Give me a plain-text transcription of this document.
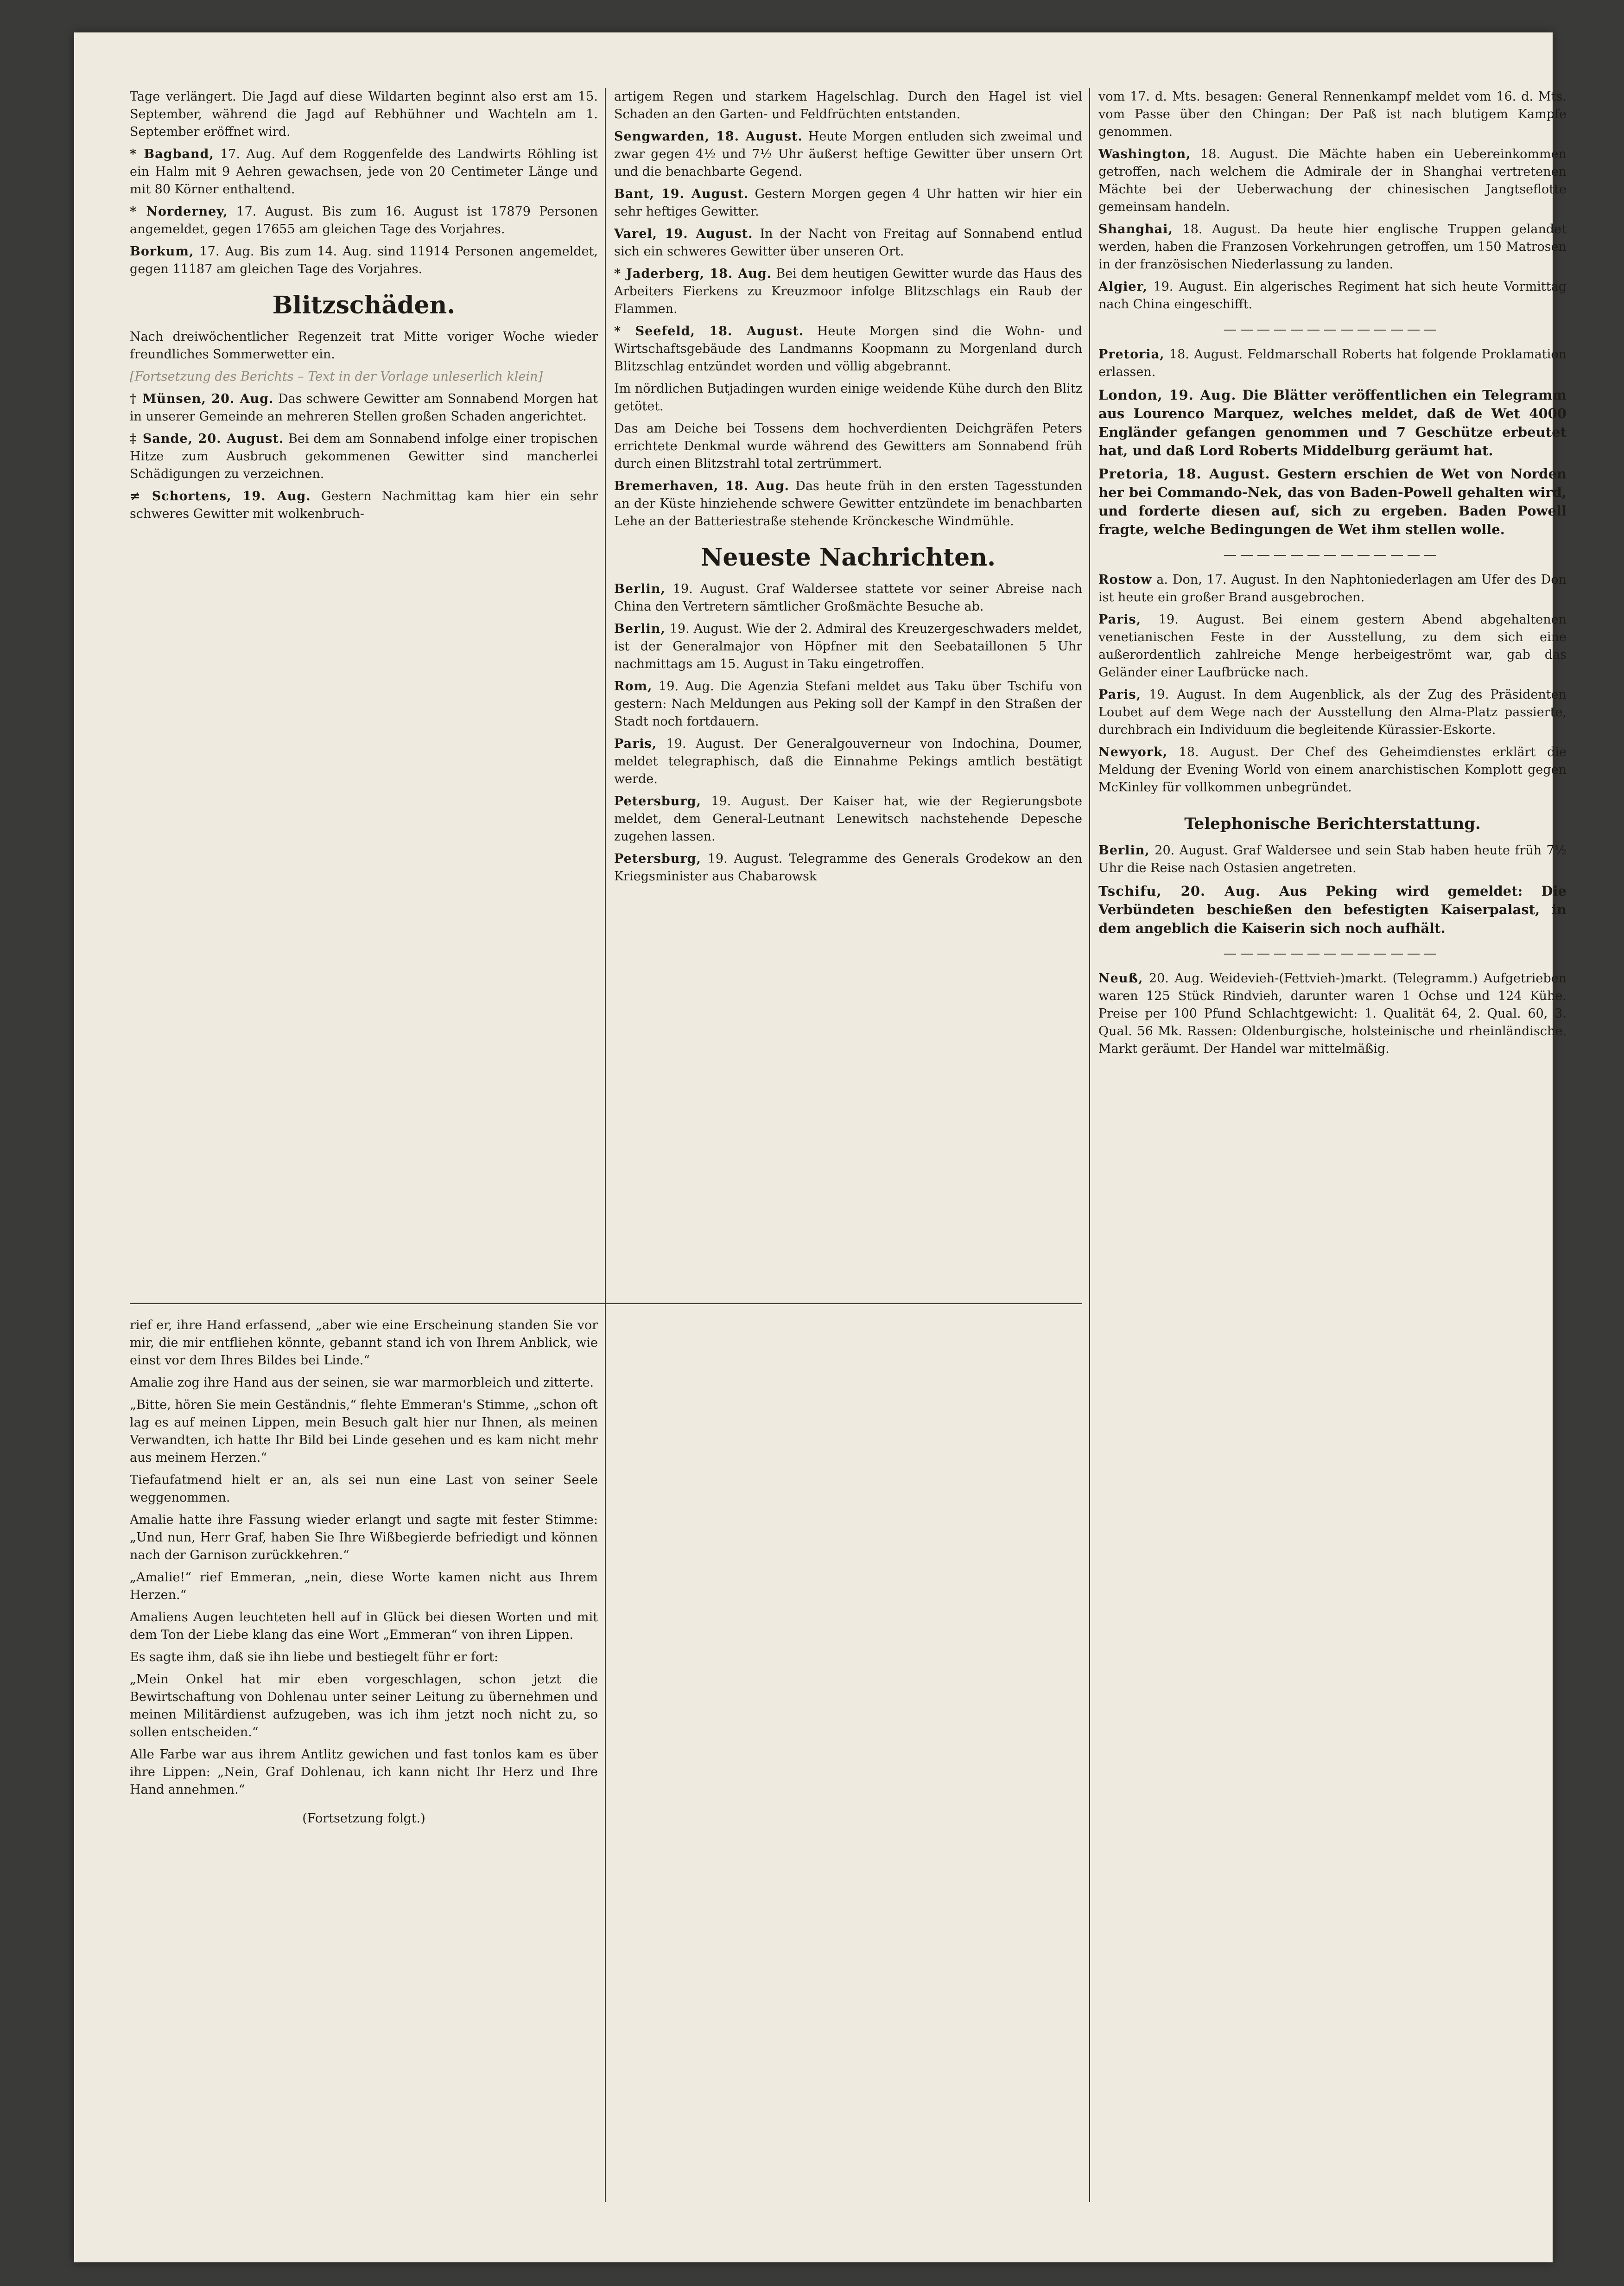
Tage verlängert. Die Jagd auf diese Wildarten beginnt also erst am 15. September, während die Jagd auf Rebhühner und Wachteln am 1. September eröffnet wird.

* Bagband, 17. Aug. Auf dem Roggenfelde des Landwirts Röhling ist ein Halm mit 9 Aehren gewachsen, jede von 20 Centimeter Länge und mit 80 Körner enthaltend.

* Norderney, 17. August. Bis zum 16. August ist 17879 Personen angemeldet, gegen 17655 am gleichen Tage des Vorjahres.

Borkum, 17. Aug. Bis zum 14. Aug. sind 11914 Personen angemeldet, gegen 11187 am gleichen Tage des Vorjahres.

Blitzschäden.

Nach dreiwöchentlicher Regenzeit trat Mitte voriger Woche wieder freundliches Sommerwetter ein.

[Fortsetzung des Berichts – Text in der Vorlage unleserlich klein]

† Münsen, 20. Aug. Das schwere Gewitter am Sonnabend Morgen hat in unserer Gemeinde an mehreren Stellen großen Schaden angerichtet.

‡ Sande, 20. August. Bei dem am Sonnabend infolge einer tropischen Hitze zum Ausbruch gekommenen Gewitter sind mancherlei Schädigungen zu verzeichnen.

≠ Schortens, 19. Aug. Gestern Nachmittag kam hier ein sehr schweres Gewitter mit wolkenbruch-

rief er, ihre Hand erfassend, „aber wie eine Erscheinung standen Sie vor mir, die mir entfliehen könnte, gebannt stand ich von Ihrem Anblick, wie einst vor dem Ihres Bildes bei Linde.“

Amalie zog ihre Hand aus der seinen, sie war marmorbleich und zitterte.

„Bitte, hören Sie mein Geständnis,“ flehte Emmeran's Stimme, „schon oft lag es auf meinen Lippen, mein Besuch galt hier nur Ihnen, als meinen Verwandten, ich hatte Ihr Bild bei Linde gesehen und es kam nicht mehr aus meinem Herzen.“

Tiefaufatmend hielt er an, als sei nun eine Last von seiner Seele weggenommen.

Amalie hatte ihre Fassung wieder erlangt und sagte mit fester Stimme: „Und nun, Herr Graf, haben Sie Ihre Wißbegierde befriedigt und können nach der Garnison zurückkehren.“

„Amalie!“ rief Emmeran, „nein, diese Worte kamen nicht aus Ihrem Herzen.“

Amaliens Augen leuchteten hell auf in Glück bei diesen Worten und mit dem Ton der Liebe klang das eine Wort „Emmeran“ von ihren Lippen.

Es sagte ihm, daß sie ihn liebe und bestiegelt führ er fort:

„Mein Onkel hat mir eben vorgeschlagen, schon jetzt die Bewirtschaftung von Dohlenau unter seiner Leitung zu übernehmen und meinen Militärdienst aufzugeben, was ich ihm jetzt noch nicht zu, so sollen entscheiden.“

Alle Farbe war aus ihrem Antlitz gewichen und fast tonlos kam es über ihre Lippen: „Nein, Graf Dohlenau, ich kann nicht Ihr Herz und Ihre Hand annehmen.“

(Fortsetzung folgt.)

artigem Regen und starkem Hagelschlag. Durch den Hagel ist viel Schaden an den Garten- und Feldfrüchten entstanden.

Sengwarden, 18. August. Heute Morgen entluden sich zweimal und zwar gegen 4½ und 7½ Uhr äußerst heftige Gewitter über unsern Ort und die benachbarte Gegend.

Bant, 19. August. Gestern Morgen gegen 4 Uhr hatten wir hier ein sehr heftiges Gewitter.

Varel, 19. August. In der Nacht von Freitag auf Sonnabend entlud sich ein schweres Gewitter über unseren Ort.

* Jaderberg, 18. Aug. Bei dem heutigen Gewitter wurde das Haus des Arbeiters Fierkens zu Kreuzmoor infolge Blitzschlags ein Raub der Flammen.

* Seefeld, 18. August. Heute Morgen sind die Wohn- und Wirtschaftsgebäude des Landmanns Koopmann zu Morgenland durch Blitzschlag entzündet worden und völlig abgebrannt.

Im nördlichen Butjadingen wurden einige weidende Kühe durch den Blitz getötet.

Das am Deiche bei Tossens dem hochverdienten Deichgräfen Peters errichtete Denkmal wurde während des Gewitters am Sonnabend früh durch einen Blitzstrahl total zertrümmert.

Bremerhaven, 18. Aug. Das heute früh in den ersten Tagesstunden an der Küste hinziehende schwere Gewitter entzündete im benachbarten Lehe an der Batteriestraße stehende Krönckesche Windmühle.

Neueste Nachrichten.

Berlin, 19. August. Graf Waldersee stattete vor seiner Abreise nach China den Vertretern sämtlicher Großmächte Besuche ab.

Berlin, 19. August. Wie der 2. Admiral des Kreuzergeschwaders meldet, ist der Generalmajor von Höpfner mit den Seebataillonen 5 Uhr nachmittags am 15. August in Taku eingetroffen.

Rom, 19. Aug. Die Agenzia Stefani meldet aus Taku über Tschifu von gestern: Nach Meldungen aus Peking soll der Kampf in den Straßen der Stadt noch fortdauern.

Paris, 19. August. Der Generalgouverneur von Indochina, Doumer, meldet telegraphisch, daß die Einnahme Pekings amtlich bestätigt werde.

Petersburg, 19. August. Der Kaiser hat, wie der Regierungsbote meldet, dem General-Leutnant Lenewitsch nachstehende Depesche zugehen lassen.

Petersburg, 19. August. Telegramme des Generals Grodekow an den Kriegsminister aus Chabarowsk

vom 17. d. Mts. besagen: General Rennenkampf meldet vom 16. d. Mts. vom Passe über den Chingan: Der Paß ist nach blutigem Kampfe genommen.

Washington, 18. August. Die Mächte haben ein Uebereinkommen getroffen, nach welchem die Admirale der in Shanghai vertretenen Mächte bei der Ueberwachung der chinesischen Jangtseflotte gemeinsam handeln.

Shanghai, 18. August. Da heute hier englische Truppen gelandet werden, haben die Franzosen Vorkehrungen getroffen, um 150 Matrosen in der französischen Niederlassung zu landen.

Algier, 19. August. Ein algerisches Regiment hat sich heute Vormittag nach China eingeschifft.

―――――――――――――

Pretoria, 18. August. Feldmarschall Roberts hat folgende Proklamation erlassen.

London, 19. Aug. Die Blätter veröffentlichen ein Telegramm aus Lourenco Marquez, welches meldet, daß de Wet 4000 Engländer gefangen genommen und 7 Geschütze erbeutet hat, und daß Lord Roberts Middelburg geräumt hat.

Pretoria, 18. August. Gestern erschien de Wet von Norden her bei Commando-Nek, das von Baden-Powell gehalten wird, und forderte diesen auf, sich zu ergeben. Baden Powell fragte, welche Bedingungen de Wet ihm stellen wolle.

―――――――――――――

Rostow a. Don, 17. August. In den Naphtoniederlagen am Ufer des Don ist heute ein großer Brand ausgebrochen.

Paris, 19. August. Bei einem gestern Abend abgehaltenen venetianischen Feste in der Ausstellung, zu dem sich eine außerordentlich zahlreiche Menge herbeigeströmt war, gab das Geländer einer Laufbrücke nach.

Paris, 19. August. In dem Augenblick, als der Zug des Präsidenten Loubet auf dem Wege nach der Ausstellung den Alma-Platz passierte, durchbrach ein Individuum die begleitende Kürassier-Eskorte.

Newyork, 18. August. Der Chef des Geheimdienstes erklärt die Meldung der Evening World von einem anarchistischen Komplott gegen McKinley für vollkommen unbegründet.

Telephonische Berichterstattung.

Berlin, 20. August. Graf Waldersee und sein Stab haben heute früh 7½ Uhr die Reise nach Ostasien angetreten.

Tschifu, 20. Aug. Aus Peking wird gemeldet: Die Verbündeten beschießen den befestigten Kaiserpalast, in dem angeblich die Kaiserin sich noch aufhält.

―――――――――――――

Neuß, 20. Aug. Weidevieh-(Fettvieh-)markt. (Telegramm.) Aufgetrieben waren 125 Stück Rindvieh, darunter waren 1 Ochse und 124 Kühe. Preise per 100 Pfund Schlachtgewicht: 1. Qualität 64, 2. Qual. 60, 3. Qual. 56 Mk. Rassen: Oldenburgische, holsteinische und rheinländische. Markt geräumt. Der Handel war mittelmäßig.
